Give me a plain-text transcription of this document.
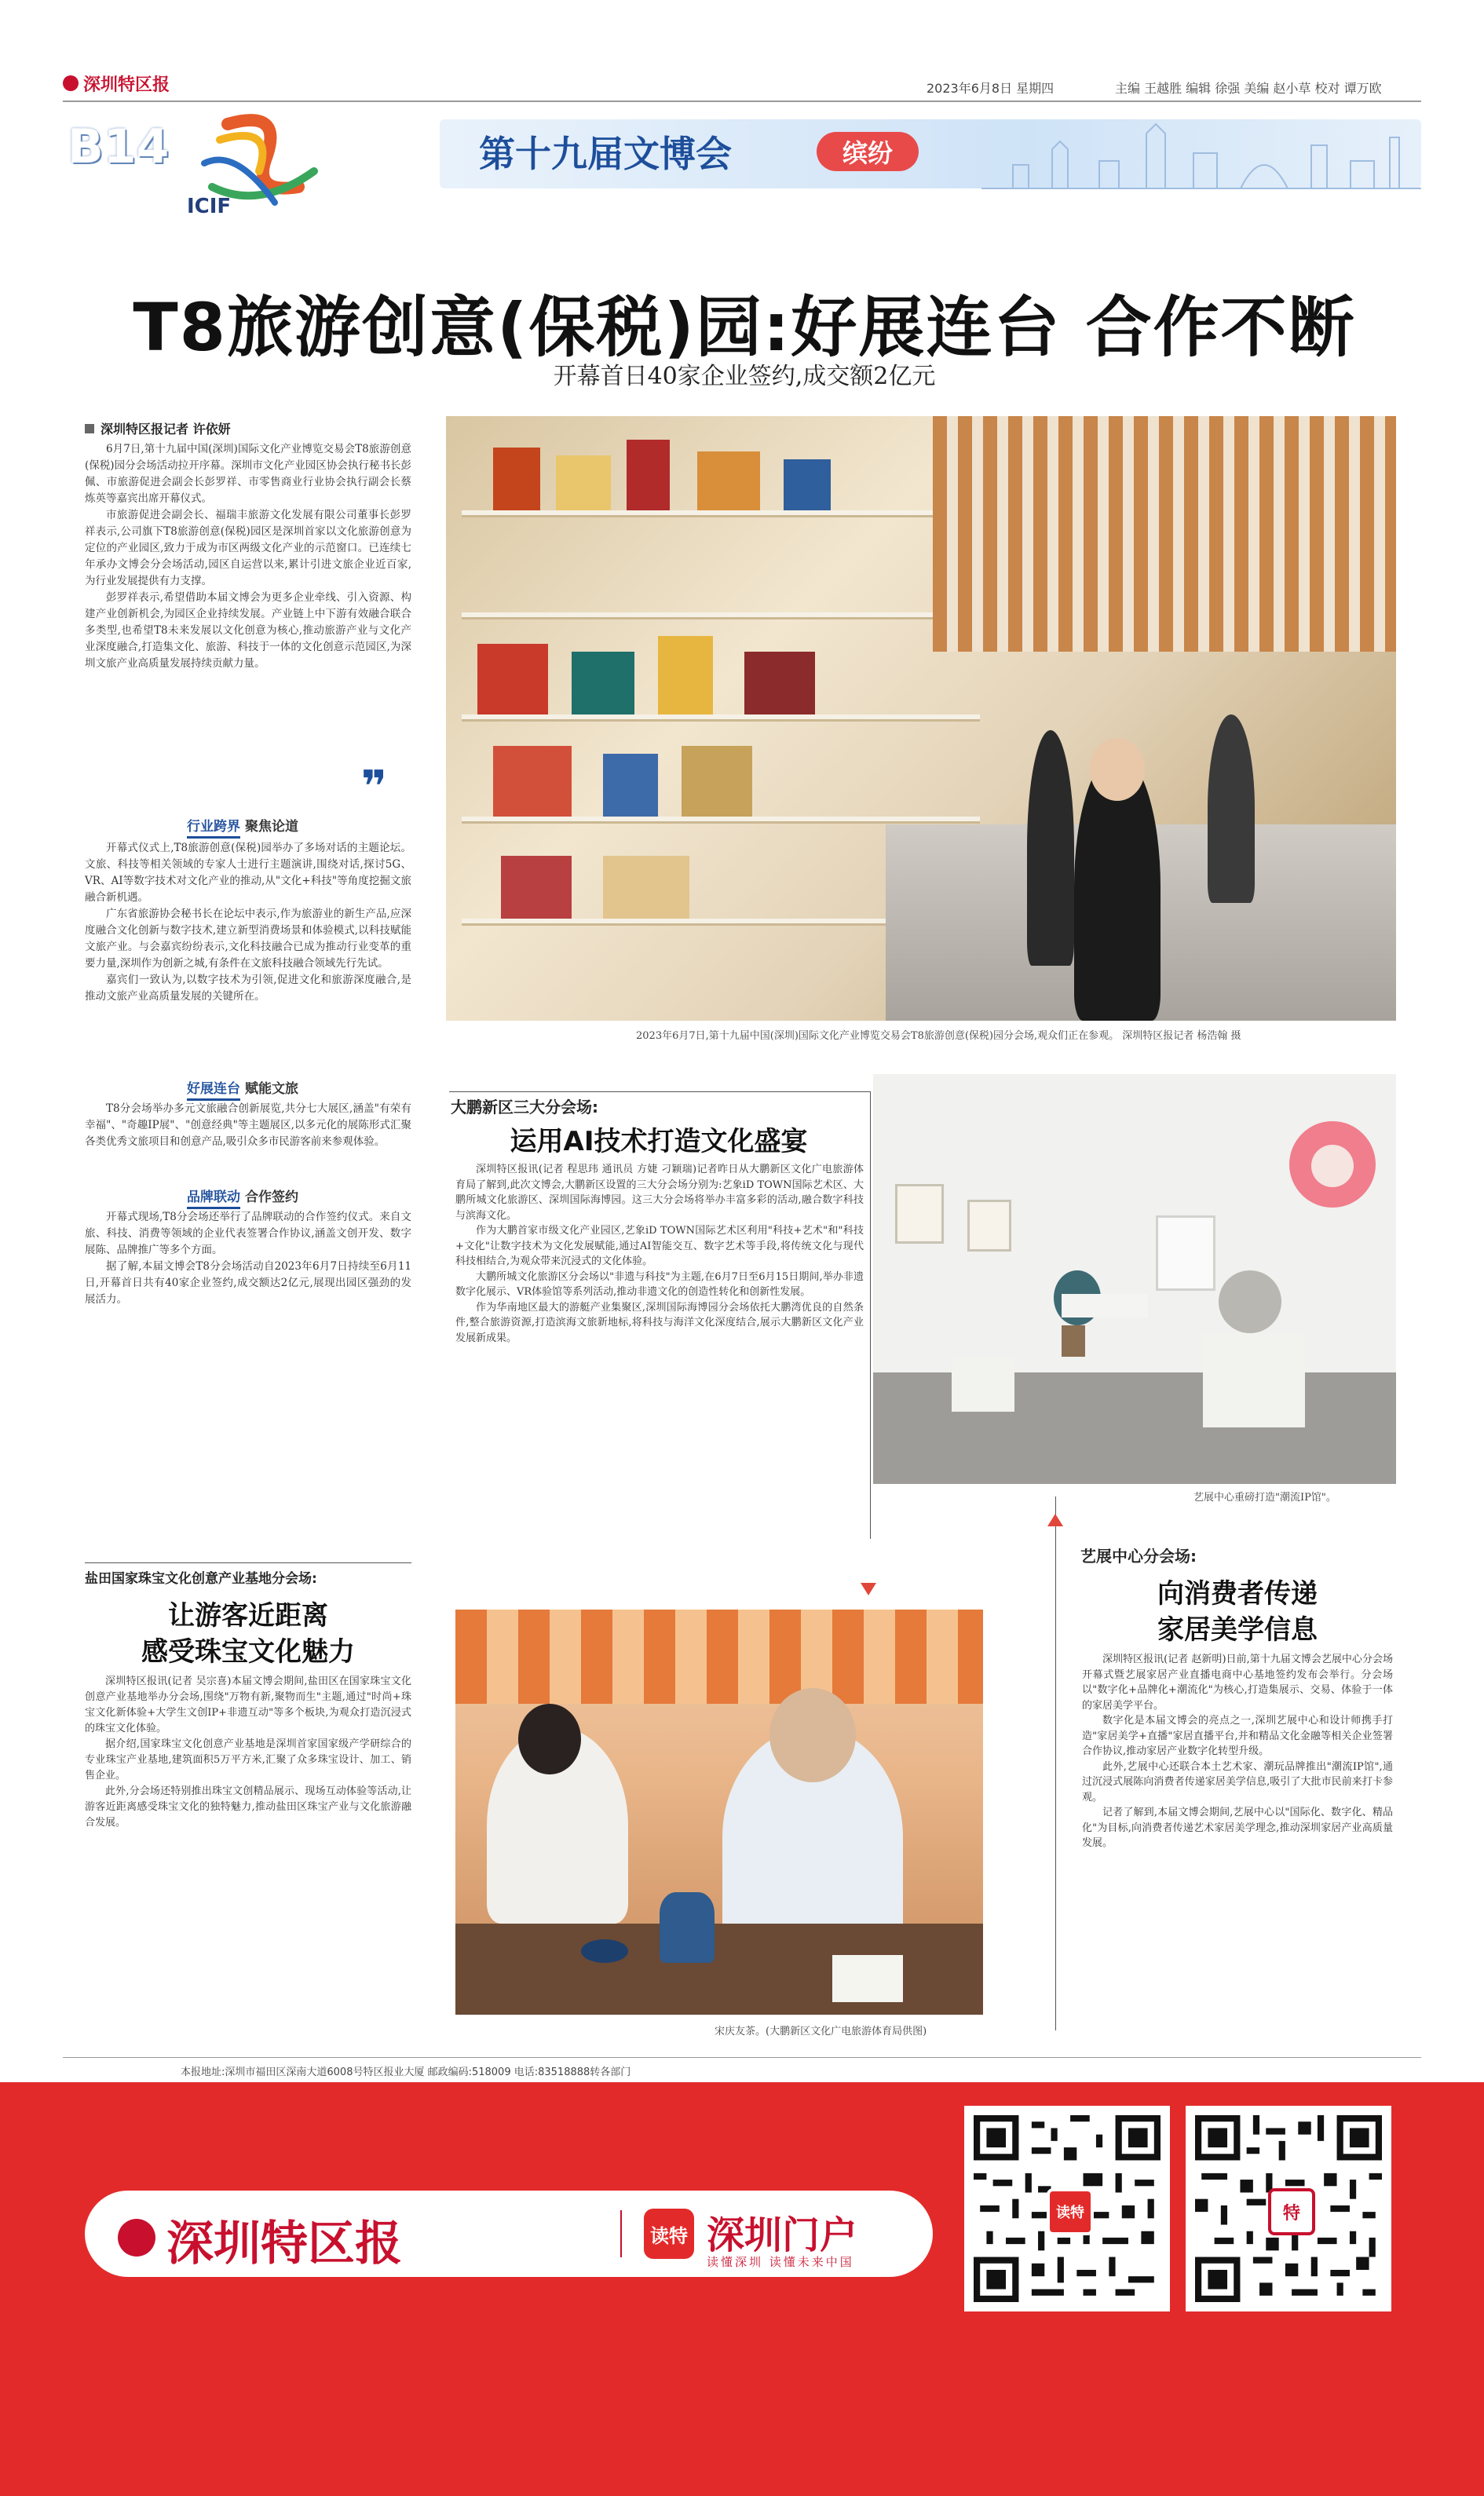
深圳特区报	2023年6月8日 星期四	主编 王越胜 编辑 徐强 美编 赵小草 校对 谭万欧
B14
ICIF
第十九届文博会	缤纷
T8旅游创意(保税)园:好展连台 合作不断
开幕首日40家企业签约,成交额2亿元
深圳特区报记者 许依妍

6月7日,第十九届中国(深圳)国际文化产业博览交易会T8旅游创意(保税)园分会场活动拉开序幕。深圳市文化产业园区协会执行秘书长彭佩、市旅游促进会副会长彭罗祥、市零售商业行业协会执行副会长蔡炼英等嘉宾出席开幕仪式。

市旅游促进会副会长、福瑞丰旅游文化发展有限公司董事长彭罗祥表示,公司旗下T8旅游创意(保税)园区是深圳首家以文化旅游创意为定位的产业园区,致力于成为市区两级文化产业的示范窗口。已连续七年承办文博会分会场活动,园区自运营以来,累计引进文旅企业近百家,为行业发展提供有力支撑。

彭罗祥表示,希望借助本届文博会为更多企业牵线、引入资源、构建产业创新机会,为园区企业持续发展。产业链上中下游有效融合联合多类型,也希望T8未来发展以文化创意为核心,推动旅游产业与文化产业深度融合,打造集文化、旅游、科技于一体的文化创意示范园区,为深圳文旅产业高质量发展持续贡献力量。

❞
行业跨界 聚焦论道

开幕式仪式上,T8旅游创意(保税)园举办了多场对话的主题论坛。文旅、科技等相关领域的专家人士进行主题演讲,围绕对话,探讨5G、VR、AI等数字技术对文化产业的推动,从"文化+科技"等角度挖掘文旅融合新机遇。

广东省旅游协会秘书长在论坛中表示,作为旅游业的新生产品,应深度融合文化创新与数字技术,建立新型消费场景和体验模式,以科技赋能文旅产业。与会嘉宾纷纷表示,文化科技融合已成为推动行业变革的重要力量,深圳作为创新之城,有条件在文旅科技融合领域先行先试。

嘉宾们一致认为,以数字技术为引领,促进文化和旅游深度融合,是推动文旅产业高质量发展的关键所在。

好展连台 赋能文旅

T8分会场举办多元文旅融合创新展览,共分七大展区,涵盖"有荣有幸福"、"奇趣IP展"、"创意经典"等主题展区,以多元化的展陈形式汇聚各类优秀文旅项目和创意产品,吸引众多市民游客前来参观体验。

品牌联动 合作签约

开幕式现场,T8分会场还举行了品牌联动的合作签约仪式。来自文旅、科技、消费等领域的企业代表签署合作协议,涵盖文创开发、数字展陈、品牌推广等多个方面。

据了解,本届文博会T8分会场活动自2023年6月7日持续至6月11日,开幕首日共有40家企业签约,成交额达2亿元,展现出园区强劲的发展活力。

2023年6月7日,第十九届中国(深圳)国际文化产业博览交易会T8旅游创意(保税)园分会场,观众们正在参观。 深圳特区报记者 杨浩翰 摄
大鹏新区三大分会场:
运用AI技术打造文化盛宴

深圳特区报讯(记者 程思玮 通讯员 方婕 刁颖瑞)记者昨日从大鹏新区文化广电旅游体育局了解到,此次文博会,大鹏新区设置的三大分会场分别为:艺象iD TOWN国际艺术区、大鹏所城文化旅游区、深圳国际海博园。这三大分会场将举办丰富多彩的活动,融合数字科技与滨海文化。

作为大鹏首家市级文化产业园区,艺象iD TOWN国际艺术区利用"科技+艺术"和"科技+文化"让数字技术为文化发展赋能,通过AI智能交互、数字艺术等手段,将传统文化与现代科技相结合,为观众带来沉浸式的文化体验。

大鹏所城文化旅游区分会场以"非遗与科技"为主题,在6月7日至6月15日期间,举办非遗数字化展示、VR体验馆等系列活动,推动非遗文化的创造性转化和创新性发展。

作为华南地区最大的游艇产业集聚区,深圳国际海博园分会场依托大鹏湾优良的自然条件,整合旅游资源,打造滨海文旅新地标,将科技与海洋文化深度结合,展示大鹏新区文化产业发展新成果。

艺展中心重磅打造"潮流IP馆"。
盐田国家珠宝文化创意产业基地分会场:
让游客近距离
感受珠宝文化魅力

深圳特区报讯(记者 吴宗喜)本届文博会期间,盐田区在国家珠宝文化创意产业基地举办分会场,围绕"万物有新,聚物而生"主题,通过"时尚+珠宝文化新体验+大学生文创IP+非遗互动"等多个板块,为观众打造沉浸式的珠宝文化体验。

据介绍,国家珠宝文化创意产业基地是深圳首家国家级产学研综合的专业珠宝产业基地,建筑面积5万平方米,汇聚了众多珠宝设计、加工、销售企业。

此外,分会场还特别推出珠宝文创精品展示、现场互动体验等活动,让游客近距离感受珠宝文化的独特魅力,推动盐田区珠宝产业与文化旅游融合发展。

宋庆友茶。(大鹏新区文化广电旅游体育局供图)
艺展中心分会场:
向消费者传递
家居美学信息

深圳特区报讯(记者 赵新明)日前,第十九届文博会艺展中心分会场开幕式暨艺展家居产业直播电商中心基地签约发布会举行。分会场以"数字化+品牌化+潮流化"为核心,打造集展示、交易、体验于一体的家居美学平台。

数字化是本届文博会的亮点之一,深圳艺展中心和设计师携手打造"家居美学+直播"家居直播平台,并和精品文化金融等相关企业签署合作协议,推动家居产业数字化转型升级。

此外,艺展中心还联合本土艺术家、潮玩品牌推出"潮流IP馆",通过沉浸式展陈向消费者传递家居美学信息,吸引了大批市民前来打卡参观。

记者了解到,本届文博会期间,艺展中心以"国际化、数字化、精品化"为目标,向消费者传递艺术家居美学理念,推动深圳家居产业高质量发展。

本报地址:深圳市福田区深南大道6008号特区报业大厦 邮政编码:518009 电话:83518888转各部门
深圳特区报	读特 深圳门户
读懂深圳 读懂未来中国
读特	特
